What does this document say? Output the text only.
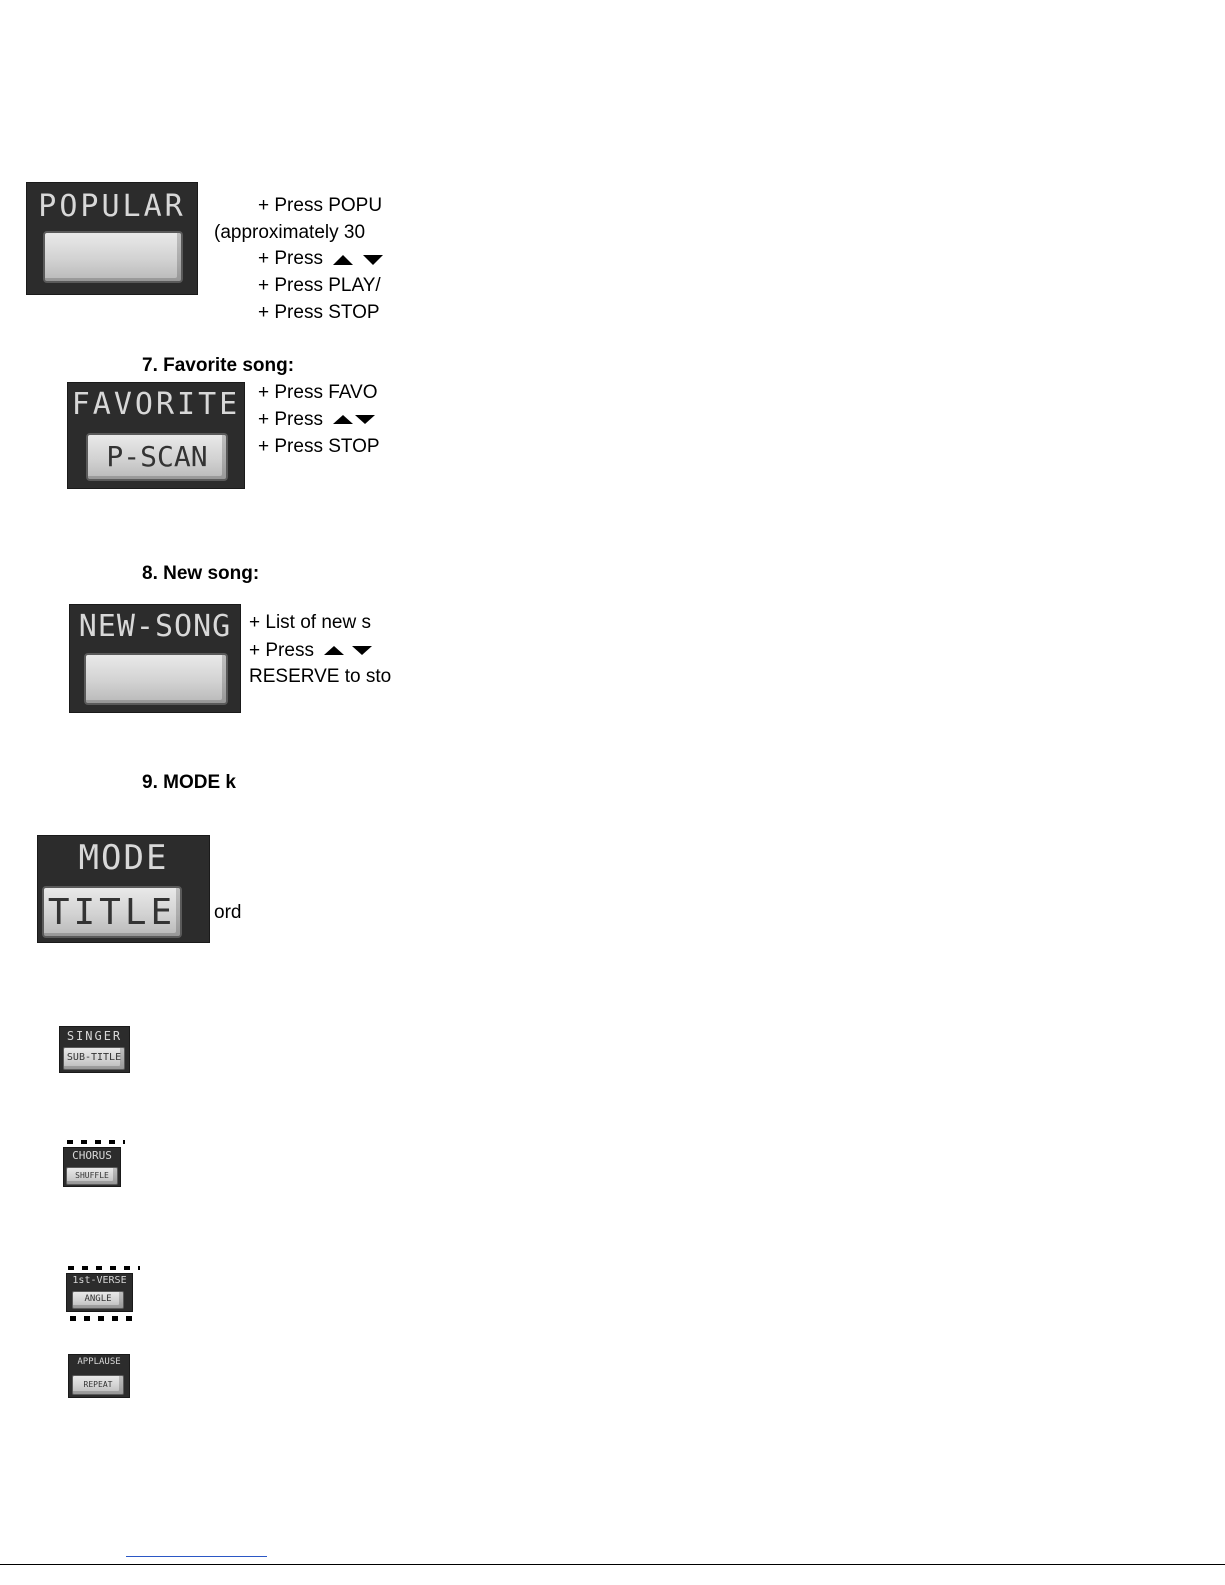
POPULAR	+ Press POPU
(approximately 30
+ Press
+ Press PLAY/
+ Press STOP
7. Favorite song:
FAVORITE
P-SCAN
+ Press FAVO
+ Press
+ Press STOP
8. New song:
NEW-SONG + List of new s
+ Press
RESERVE to sto
9. MODE k
MODE
TITLE	ord
SINGER
SUB-TITLE
CHORUS
SHUFFLE
1st-VERSE
ANGLE
APPLAUSE
REPEAT
